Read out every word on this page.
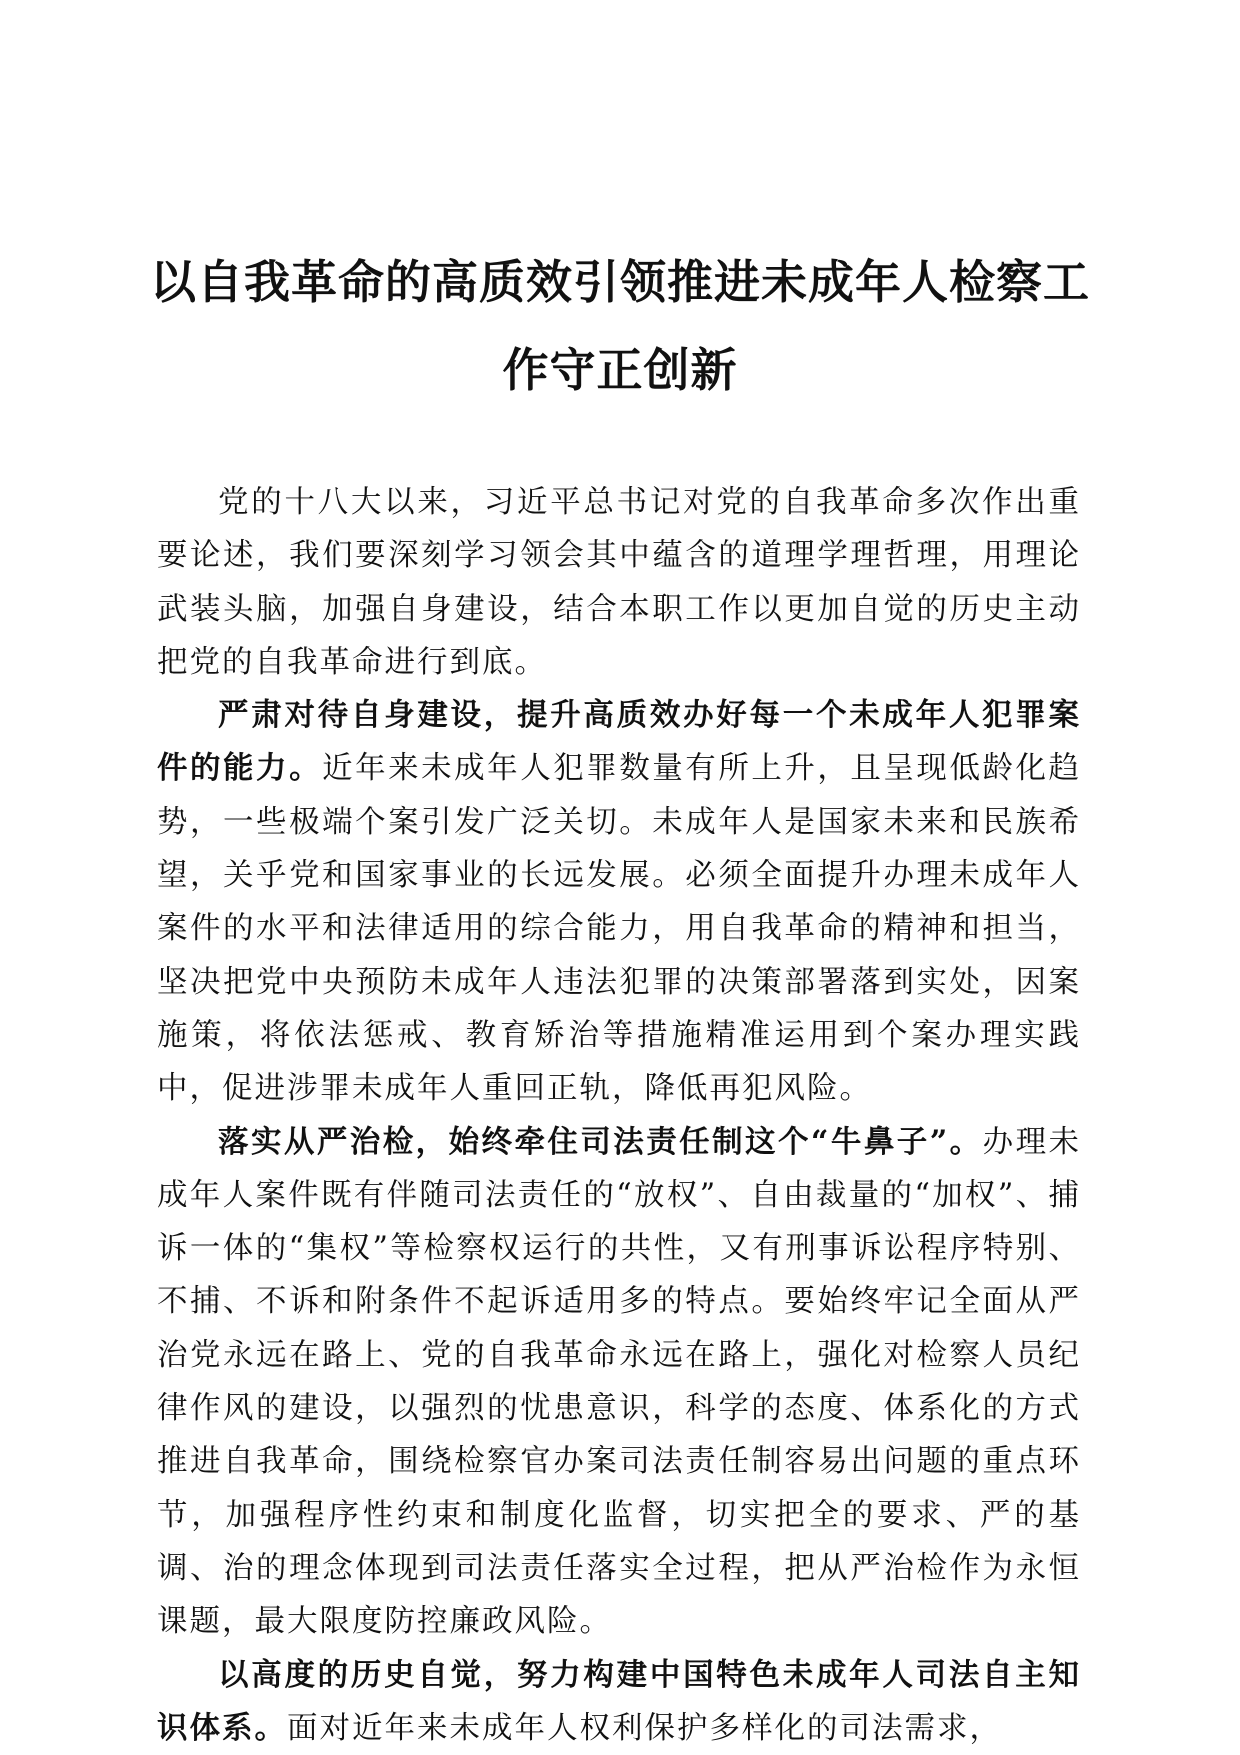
以自我革命的高质效引领推进未成年人检察工
作守正创新

党的十八大以来，习近平总书记对党的自我革命多次作出重要论述，我们要深刻学习领会其中蕴含的道理学理哲理，用理论武装头脑，加强自身建设，结合本职工作以更加自觉的历史主动把党的自我革命进行到底。

严肃对待自身建设，提升高质效办好每一个未成年人犯罪案件的能力。近年来未成年人犯罪数量有所上升，且呈现低龄化趋势，一些极端个案引发广泛关切。未成年人是国家未来和民族希望，关乎党和国家事业的长远发展。必须全面提升办理未成年人案件的水平和法律适用的综合能力，用自我革命的精神和担当，坚决把党中央预防未成年人违法犯罪的决策部署落到实处，因案施策，将依法惩戒、教育矫治等措施精准运用到个案办理实践中，促进涉罪未成年人重回正轨，降低再犯风险。

落实从严治检，始终牵住司法责任制这个“牛鼻子”。办理未成年人案件既有伴随司法责任的“放权”、自由裁量的“加权”、捕诉一体的“集权”等检察权运行的共性，又有刑事诉讼程序特别、不捕、不诉和附条件不起诉适用多的特点。要始终牢记全面从严治党永远在路上、党的自我革命永远在路上，强化对检察人员纪律作风的建设，以强烈的忧患意识，科学的态度、体系化的方式推进自我革命，围绕检察官办案司法责任制容易出问题的重点环节，加强程序性约束和制度化监督，切实把全的要求、严的基调、治的理念体现到司法责任落实全过程，把从严治检作为永恒课题，最大限度防控廉政风险。

以高度的历史自觉，努力构建中国特色未成年人司法自主知识体系。面对近年来未成年人权利保护多样化的司法需求，
